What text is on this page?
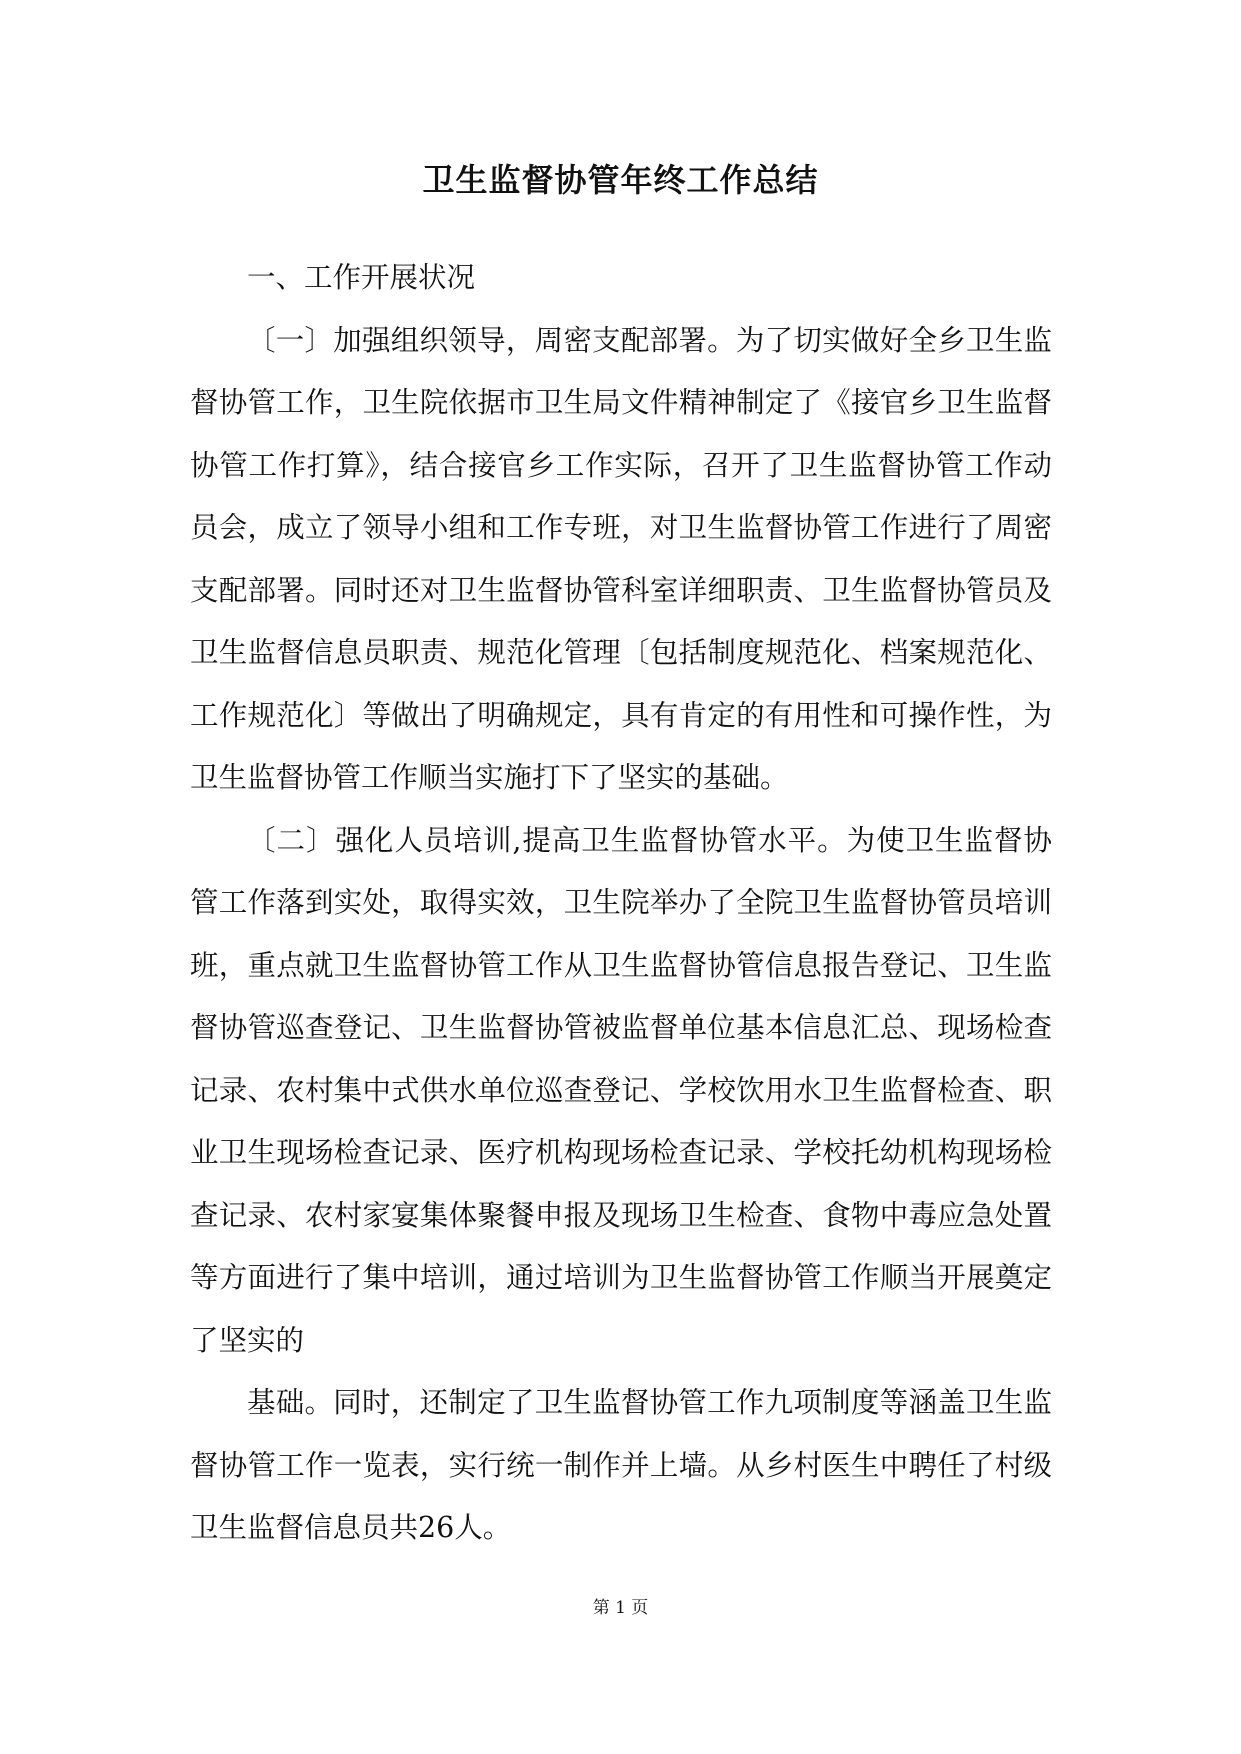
卫生监督协管年终工作总结

一、工作开展状况

〔一〕加强组织领导，周密支配部署。为了切实做好全乡卫生监督协管工作，卫生院依据市卫生局文件精神制定了《接官乡卫生监督协管工作打算》，结合接官乡工作实际，召开了卫生监督协管工作动员会，成立了领导小组和工作专班，对卫生监督协管工作进行了周密支配部署。同时还对卫生监督协管科室详细职责、卫生监督协管员及卫生监督信息员职责、规范化管理〔包括制度规范化、档案规范化、工作规范化〕等做出了明确规定，具有肯定的有用性和可操作性，为卫生监督协管工作顺当实施打下了坚实的基础。

〔二〕强化人员培训,提高卫生监督协管水平。为使卫生监督协管工作落到实处，取得实效，卫生院举办了全院卫生监督协管员培训班，重点就卫生监督协管工作从卫生监督协管信息报告登记、卫生监督协管巡查登记、卫生监督协管被监督单位基本信息汇总、现场检查记录、农村集中式供水单位巡查登记、学校饮用水卫生监督检查、职业卫生现场检查记录、医疗机构现场检查记录、学校托幼机构现场检查记录、农村家宴集体聚餐申报及现场卫生检查、食物中毒应急处置等方面进行了集中培训，通过培训为卫生监督协管工作顺当开展奠定了坚实的

基础。同时，还制定了卫生监督协管工作九项制度等涵盖卫生监督协管工作一览表，实行统一制作并上墙。从乡村医生中聘任了村级卫生监督信息员共26人。

第 1 页
